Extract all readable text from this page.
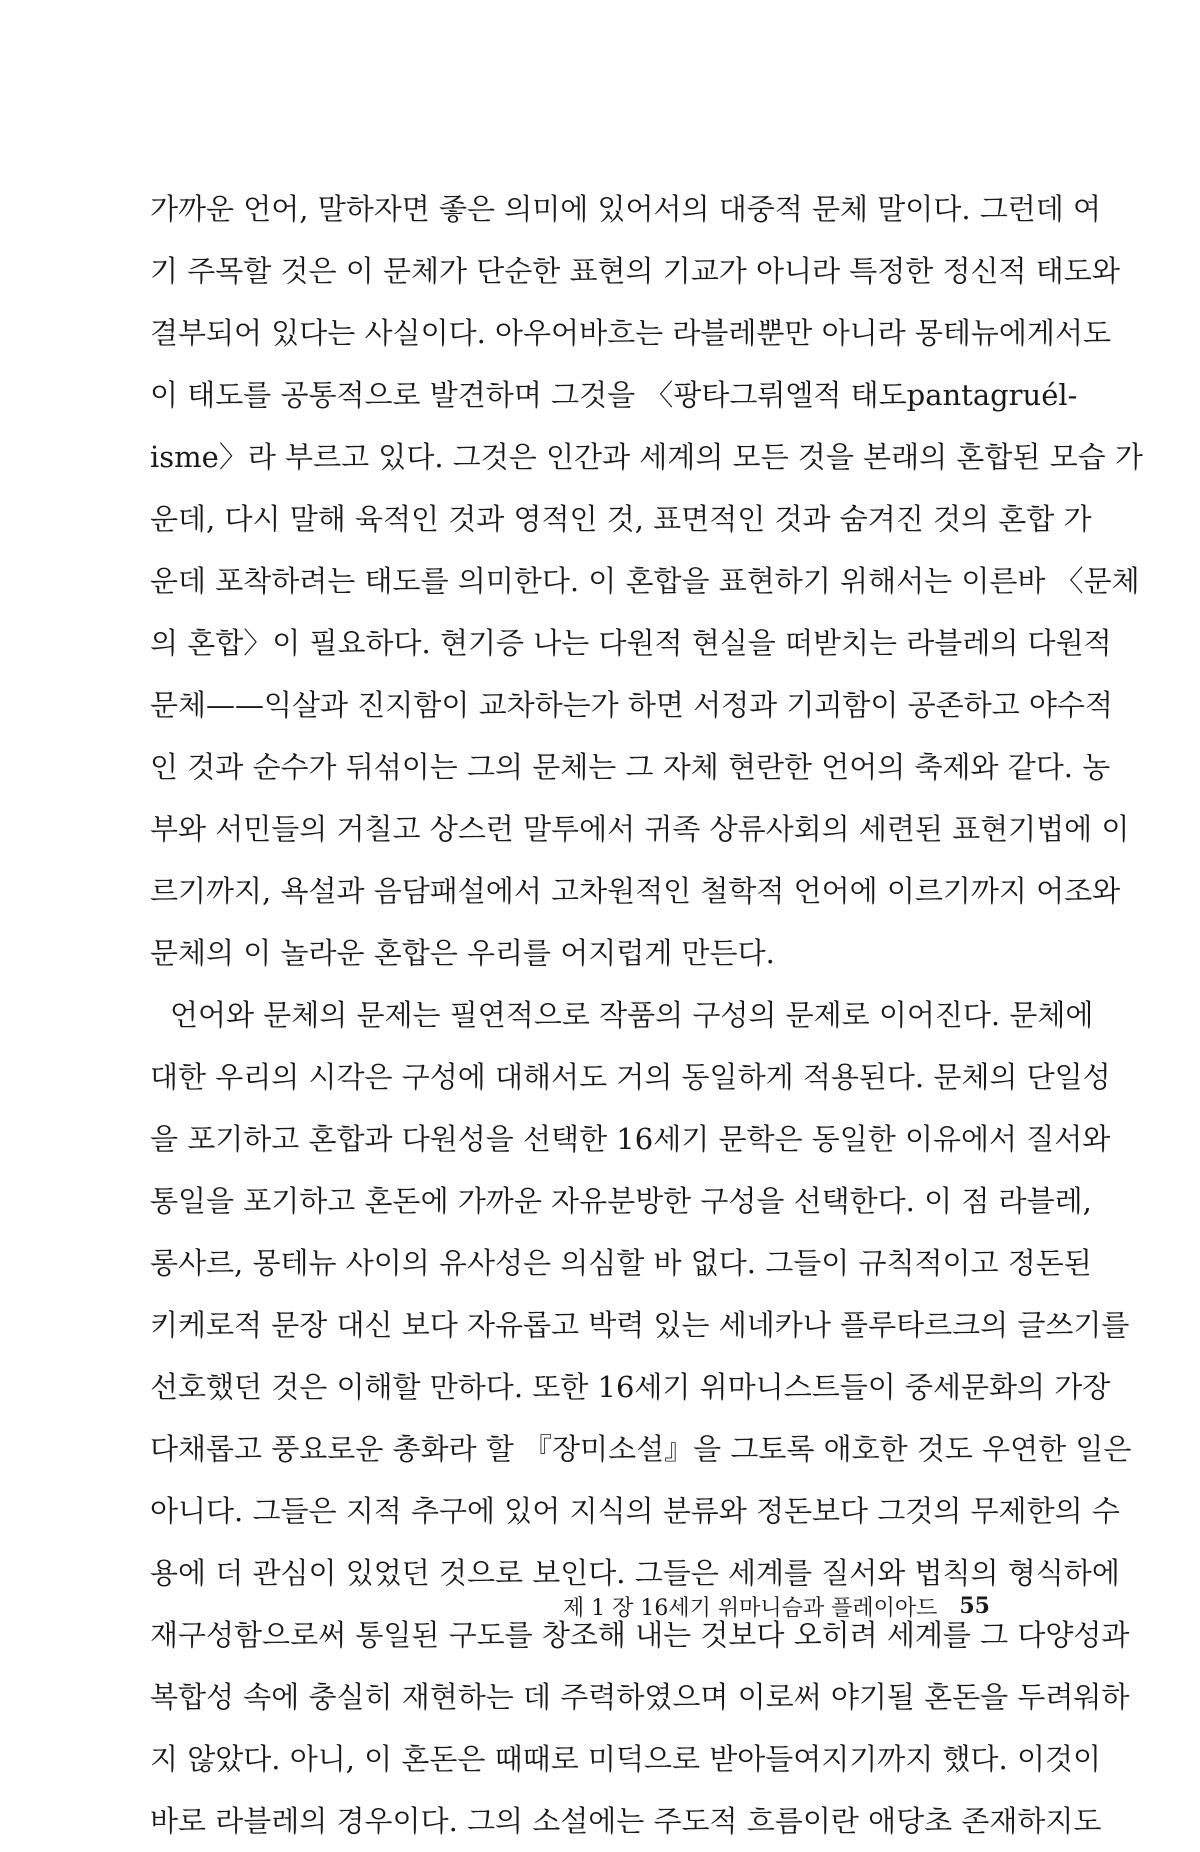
가까운 언어, 말하자면 좋은 의미에 있어서의 대중적 문체 말이다. 그런데 여
기 주목할 것은 이 문체가 단순한 표현의 기교가 아니라 특정한 정신적 태도와
결부되어 있다는 사실이다. 아우어바흐는 라블레뿐만 아니라 몽테뉴에게서도
이 태도를 공통적으로 발견하며 그것을 〈팡타그뤼엘적 태도pantagruél-
isme〉라 부르고 있다. 그것은 인간과 세계의 모든 것을 본래의 혼합된 모습 가
운데, 다시 말해 육적인 것과 영적인 것, 표면적인 것과 숨겨진 것의 혼합 가
운데 포착하려는 태도를 의미한다. 이 혼합을 표현하기 위해서는 이른바 〈문체
의 혼합〉이 필요하다. 현기증 나는 다원적 현실을 떠받치는 라블레의 다원적
문체——익살과 진지함이 교차하는가 하면 서정과 기괴함이 공존하고 야수적
인 것과 순수가 뒤섞이는 그의 문체는 그 자체 현란한 언어의 축제와 같다. 농
부와 서민들의 거칠고 상스런 말투에서 귀족 상류사회의 세련된 표현기법에 이
르기까지, 욕설과 음담패설에서 고차원적인 철학적 언어에 이르기까지 어조와
문체의 이 놀라운 혼합은 우리를 어지럽게 만든다.
언어와 문체의 문제는 필연적으로 작품의 구성의 문제로 이어진다. 문체에
대한 우리의 시각은 구성에 대해서도 거의 동일하게 적용된다. 문체의 단일성
을 포기하고 혼합과 다원성을 선택한 16세기 문학은 동일한 이유에서 질서와
통일을 포기하고 혼돈에 가까운 자유분방한 구성을 선택한다. 이 점 라블레,
롱사르, 몽테뉴 사이의 유사성은 의심할 바 없다. 그들이 규칙적이고 정돈된
키케로적 문장 대신 보다 자유롭고 박력 있는 세네카나 플루타르크의 글쓰기를
선호했던 것은 이해할 만하다. 또한 16세기 위마니스트들이 중세문화의 가장
다채롭고 풍요로운 총화라 할 『장미소설』을 그토록 애호한 것도 우연한 일은
아니다. 그들은 지적 추구에 있어 지식의 분류와 정돈보다 그것의 무제한의 수
용에 더 관심이 있었던 것으로 보인다. 그들은 세계를 질서와 법칙의 형식하에
재구성함으로써 통일된 구도를 창조해 내는 것보다 오히려 세계를 그 다양성과
복합성 속에 충실히 재현하는 데 주력하였으며 이로써 야기될 혼돈을 두려워하
지 않았다. 아니, 이 혼돈은 때때로 미덕으로 받아들여지기까지 했다. 이것이
바로 라블레의 경우이다. 그의 소설에는 주도적 흐름이란 애당초 존재하지도
제 1 장 16세기 위마니슴과 플레이아드 55
